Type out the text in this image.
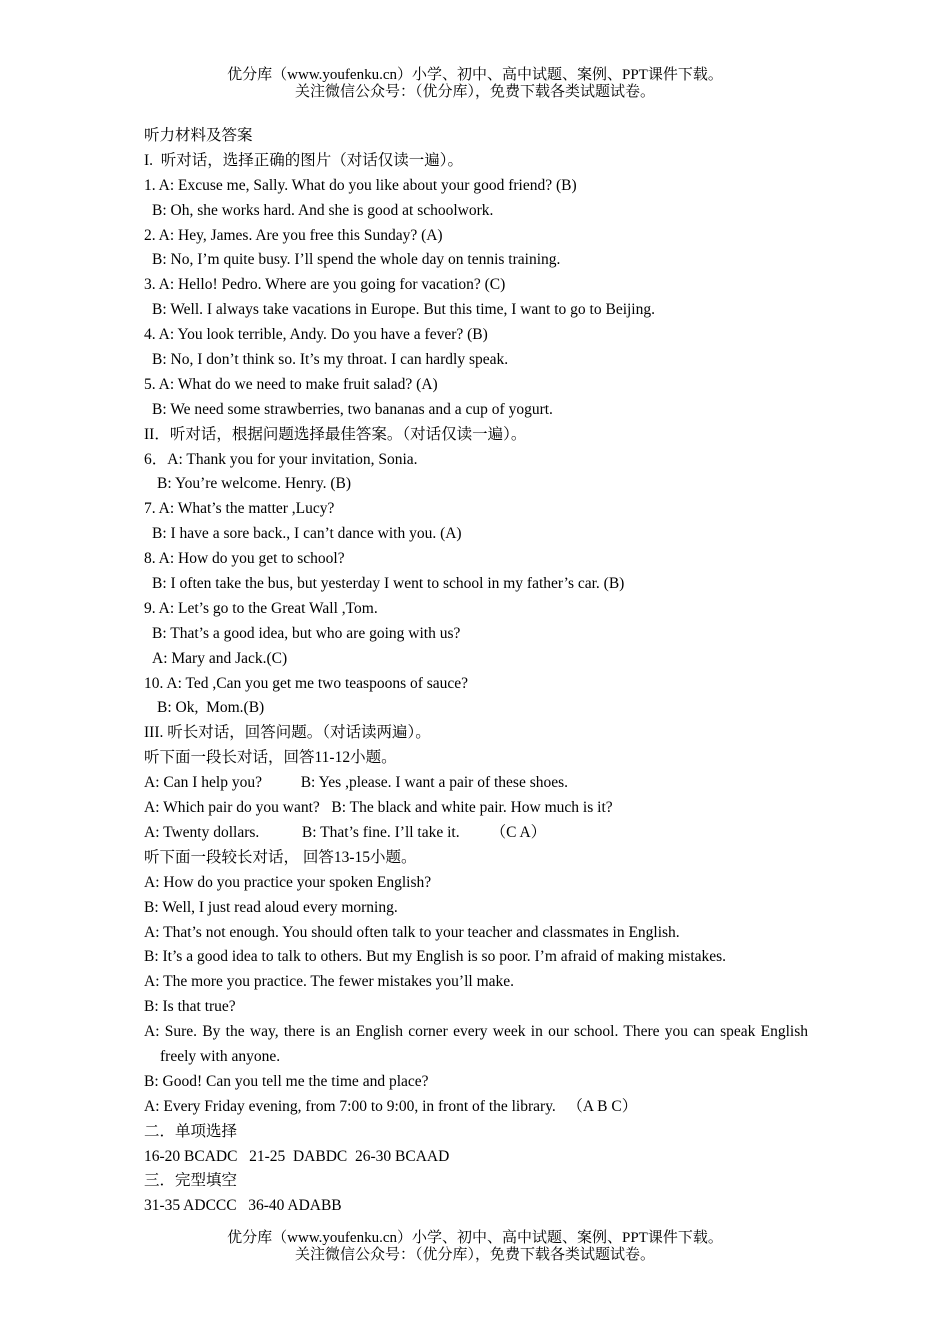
优分库（www.youfenku.cn）小学、初中、高中试题、案例、PPT课件下载。
关注微信公众号：（优分库），免费下载各类试题试卷。
听力材料及答案
I.  听对话，选择正确的图片（对话仅读一遍）。
1. A: Excuse me, Sally. What do you like about your good friend? (B)
B: Oh, she works hard. And she is good at schoolwork.
2. A: Hey, James. Are you free this Sunday? (A)
B: No, I’m quite busy. I’ll spend the whole day on tennis training.
3. A: Hello! Pedro. Where are you going for vacation? (C)
B: Well. I always take vacations in Europe. But this time, I want to go to Beijing.
4. A: You look terrible, Andy. Do you have a fever? (B)
B: No, I don’t think so. It’s my throat. I can hardly speak.
5. A: What do we need to make fruit salad? (A)
B: We need some strawberries, two bananas and a cup of yogurt.
II．听对话，根据问题选择最佳答案。（对话仅读一遍）。
6．A: Thank you for your invitation, Sonia.
B: You’re welcome. Henry. (B)
7. A: What’s the matter ,Lucy?
B: I have a sore back., I can’t dance with you. (A)
8. A: How do you get to school?
B: I often take the bus, but yesterday I went to school in my father’s car. (B)
9. A: Let’s go to the Great Wall ,Tom.
B: That’s a good idea, but who are going with us?
A: Mary and Jack.(C)
10. A: Ted ,Can you get me two teaspoons of sauce?
B: Ok,  Mom.(B)
III. 听长对话，回答问题。（对话读两遍）。
听下面一段长对话，回答11-12小题。
A: Can I help you?          B: Yes ,please. I want a pair of these shoes.
A: Which pair do you want?   B: The black and white pair. How much is it?
A: Twenty dollars.           B: That’s fine. I’ll take it.        （C A）
听下面一段较长对话， 回答13-15小题。
A: How do you practice your spoken English?
B: Well, I just read aloud every morning.
A: That’s not enough. You should often talk to your teacher and classmates in English.
B: It’s a good idea to talk to others. But my English is so poor. I’m afraid of making mistakes.
A: The more you practice. The fewer mistakes you’ll make.
B: Is that true?
A: Sure. By the way, there is an English corner every week in our school. There you can speak English freely with anyone.
B: Good! Can you tell me the time and place?
A: Every Friday evening, from 7:00 to 9:00, in front of the library.   （A B C）
二．单项选择
16-20 BCADC   21-25  DABDC  26-30 BCAAD
三．完型填空
31-35 ADCCC   36-40 ADABB
优分库（www.youfenku.cn）小学、初中、高中试题、案例、PPT课件下载。
关注微信公众号：（优分库），免费下载各类试题试卷。
